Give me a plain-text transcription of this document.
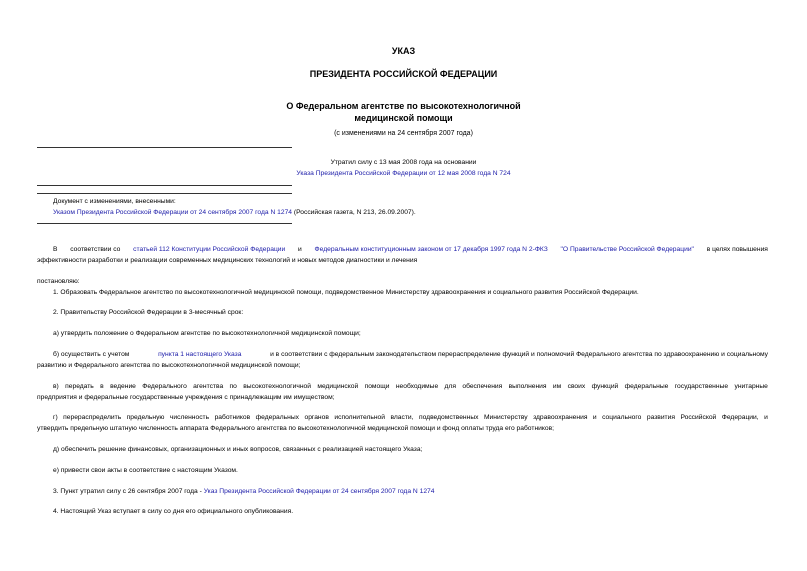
УКАЗ
ПРЕЗИДЕНТА РОССИЙСКОЙ ФЕДЕРАЦИИ
О Федеральном агентстве по высокотехнологичной
медицинской помощи
(с изменениями на 24 сентября 2007 года)
Утратил силу с 13 мая 2008 года на основании
Указа Президента Российской Федерации от 12 мая 2008 года N 724
Документ с изменениями, внесенными:
Указом Президента Российской Федерации от 24 сентября 2007 года N 1274 (Российская газета, N 213, 26.09.2007).
В соответствии со статьей 112 Конституции Российской Федерации и Федеральным конституционным законом от 17 декабря 1997 года N 2-ФКЗ "О Правительстве Российской Федерации" в целях повышения
эффективности разработки и реализации современных медицинских технологий и новых методов диагностики и лечения
постановляю:
1. Образовать Федеральное агентство по высокотехнологичной медицинской помощи, подведомственное Министерству здравоохранения и социального развития Российской Федерации.
2. Правительству Российской Федерации в 3-месячный срок:
а) утвердить положение о Федеральном агентстве по высокотехнологичной медицинской помощи;
б) осуществить с учетом	пункта 1 настоящего Указа	и в соответствии с федеральным законодательством перераспределение функций и полномочий Федерального агентства по здравоохранению и социальному
развитию и Федерального агентства по высокотехнологичной медицинской помощи;
в) передать в ведение Федерального агентства по высокотехнологичной медицинской помощи необходимые для обеспечения выполнения им своих функций федеральные государственные унитарные
предприятия и федеральные государственные учреждения с принадлежащим им имуществом;
г) перераспределить предельную численность работников федеральных органов исполнительной власти, подведомственных Министерству здравоохранения и социального развития Российской Федерации, и
утвердить предельную штатную численность аппарата Федерального агентства по высокотехнологичной медицинской помощи и фонд оплаты труда его работников;
д) обеспечить решение финансовых, организационных и иных вопросов, связанных с реализацией настоящего Указа;
е) привести свои акты в соответствие с настоящим Указом.
3. Пункт утратил силу с 26 сентября 2007 года - Указ Президента Российской Федерации от 24 сентября 2007 года N 1274
4. Настоящий Указ вступает в силу со дня его официального опубликования.
